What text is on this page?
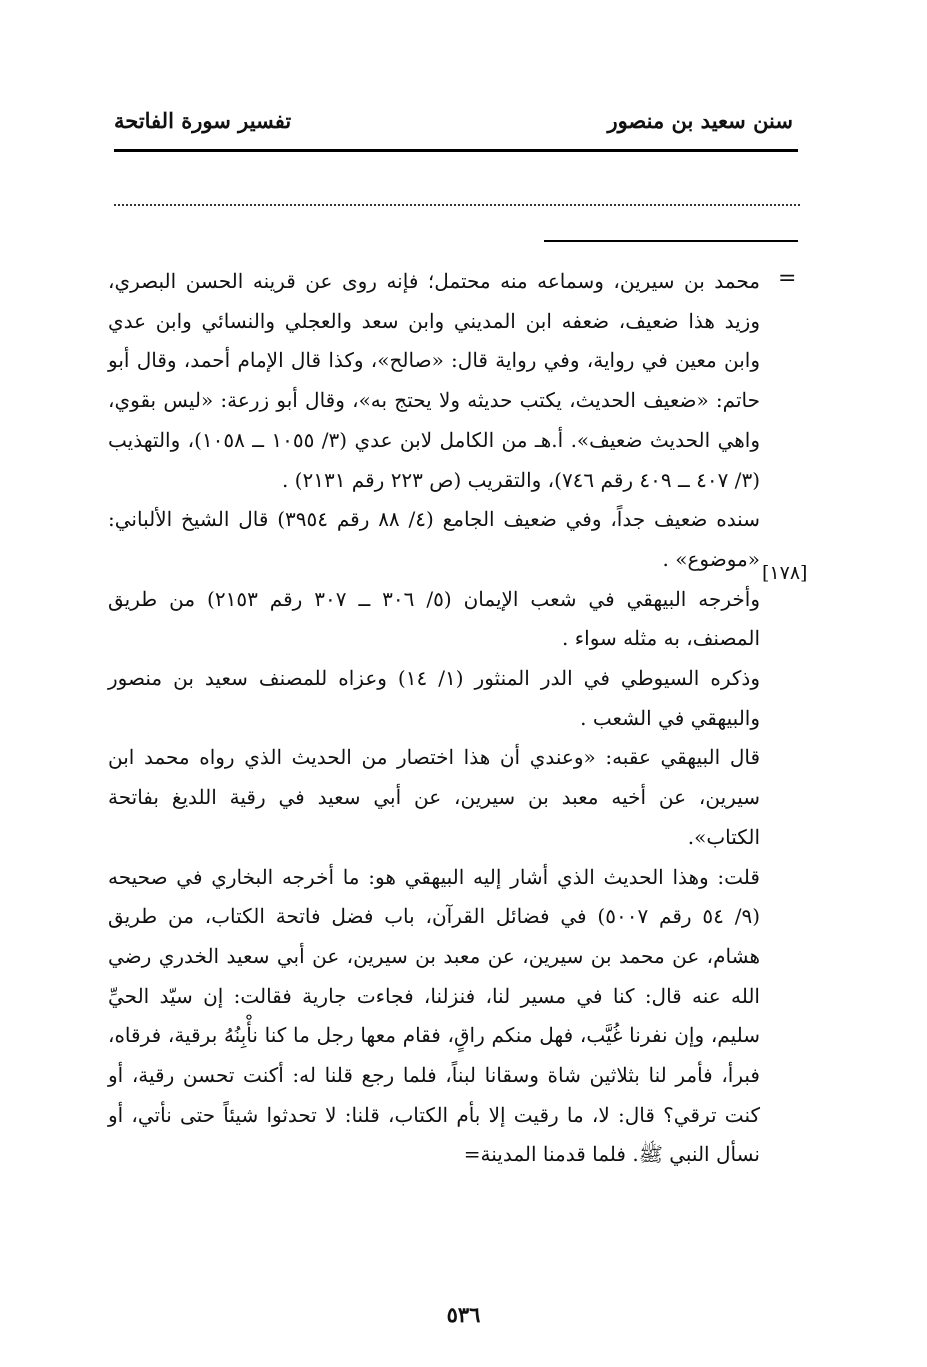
سنن سعيد بن منصور
تفسير سورة الفاتحة
=
[١٧٨]

محمد بن سيرين، وسماعه منه محتمل؛ فإنه روى عن قرينه الحسن البصري، وزيد هذا ضعيف، ضعفه ابن المديني وابن سعد والعجلي والنسائي وابن عدي وابن معين في رواية، وفي رواية قال: «صالح»، وكذا قال الإمام أحمد، وقال أبو حاتم: «ضعيف الحديث، يكتب حديثه ولا يحتج به»، وقال أبو زرعة: «ليس بقوي، واهي الحديث ضعيف». أ.هـ من الكامل لابن عدي (٣/ ١٠٥٥ ــ ١٠٥٨)، والتهذيب (٣/ ٤٠٧ ــ ٤٠٩ رقم ٧٤٦)، والتقريب (ص ٢٢٣ رقم ٢١٣١) .

سنده ضعيف جداً، وفي ضعيف الجامع (٤/ ٨٨ رقم ٣٩٥٤) قال الشيخ الألباني: «موضوع» .

وأخرجه البيهقي في شعب الإيمان (٥/ ٣٠٦ ــ ٣٠٧ رقم ٢١٥٣) من طريق المصنف، به مثله سواء .

وذكره السيوطي في الدر المنثور (١/ ١٤) وعزاه للمصنف سعيد بن منصور والبيهقي في الشعب .

قال البيهقي عقبه: «وعندي أن هذا اختصار من الحديث الذي رواه محمد ابن سيرين، عن أخيه معبد بن سيرين، عن أبي سعيد في رقية اللديغ بفاتحة الكتاب».

قلت: وهذا الحديث الذي أشار إليه البيهقي هو: ما أخرجه البخاري في صحيحه (٩/ ٥٤ رقم ٥٠٠٧) في فضائل القرآن، باب فضل فاتحة الكتاب، من طريق هشام، عن محمد بن سيرين، عن معبد بن سيرين، عن أبي سعيد الخدري رضي الله عنه قال: كنا في مسير لنا، فنزلنا، فجاءت جارية فقالت: إن سيّد الحيِّ سليم، وإن نفرنا غُيَّب، فهل منكم راقٍ، فقام معها رجل ما كنا نأْبِنُهُ برقية، فرقاه، فبرأ، فأمر لنا بثلاثين شاة وسقانا لبناً، فلما رجع قلنا له: أكنت تحسن رقية، أو كنت ترقي؟ قال: لا، ما رقيت إلا بأم الكتاب، قلنا: لا تحدثوا شيئاً حتى نأتي، أو نسأل النبي ﷺ. فلما قدمنا المدينة=

٥٣٦
